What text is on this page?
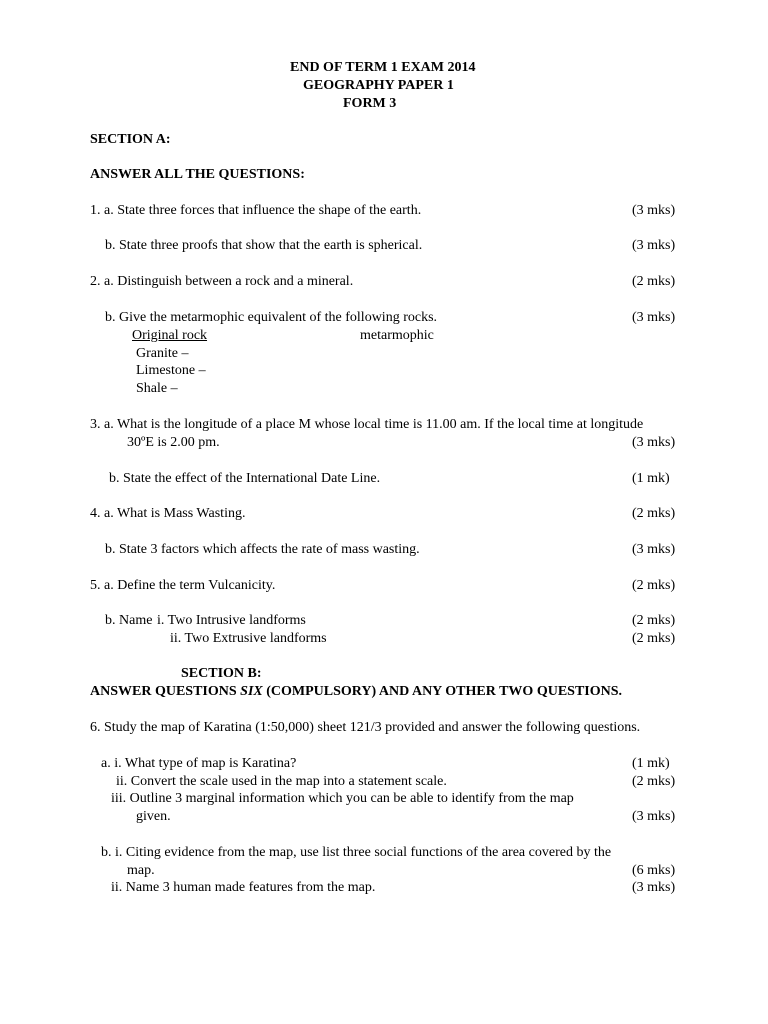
END OF TERM 1 EXAM 2014
GEOGRAPHY PAPER 1
FORM 3
SECTION A:
ANSWER ALL THE QUESTIONS:
1. a. State three forces that influence the shape of the earth.	(3 mks)
b. State three proofs that show that the earth is spherical.	(3 mks)
2. a. Distinguish between a rock and a mineral.	(2 mks)
b. Give the metarmophic equivalent of the following rocks.	(3 mks)
Original rock	metarmophic
Granite –
Limestone –
Shale –
3. a. What is the longitude of a place M whose local time is 11.00 am. If the local time at longitude
30ºE is 2.00 pm.	(3 mks)
b. State the effect of the International Date Line.	(1 mk)
4. a. What is Mass Wasting.	(2 mks)
b. State 3 factors which affects the rate of mass wasting.	(3 mks)
5. a. Define the term Vulcanicity.	(2 mks)
b. Name i. Two Intrusive landforms	(2 mks)
ii. Two Extrusive landforms	(2 mks)
SECTION B:
ANSWER QUESTIONS SIX (COMPULSORY) AND ANY OTHER TWO QUESTIONS.
6. Study the map of Karatina (1:50,000) sheet 121/3 provided and answer the following questions.
a. i. What type of map is Karatina?	(1 mk)
ii. Convert the scale used in the map into a statement scale.	(2 mks)
iii. Outline 3 marginal information which you can be able to identify from the map
given.	(3 mks)
b. i. Citing evidence from the map, use list three social functions of the area covered by the
map.	(6 mks)
ii. Name 3 human made features from the map.	(3 mks)
